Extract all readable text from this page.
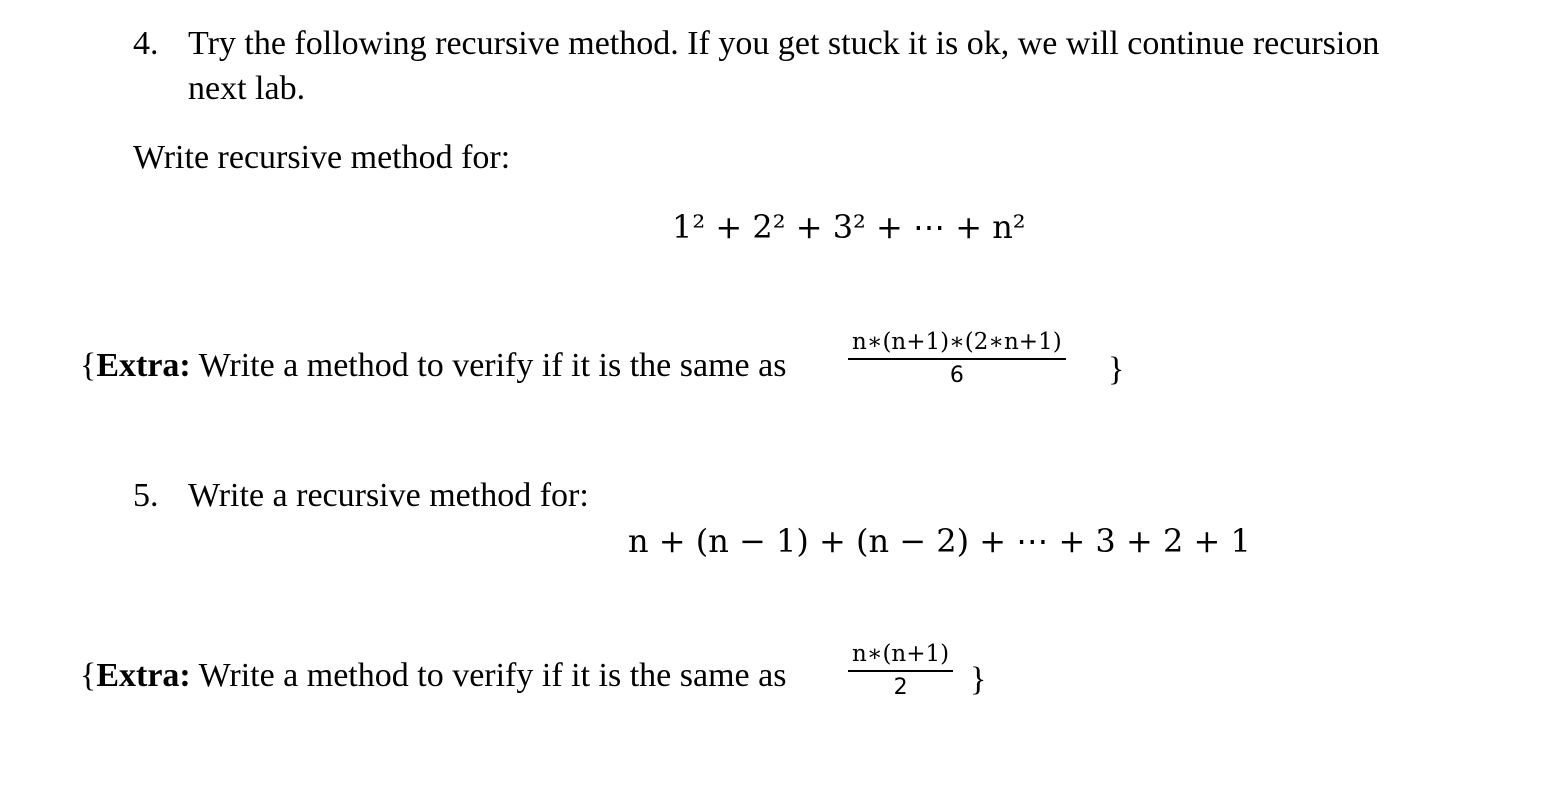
4. Try the following recursive method. If you get stuck it is ok, we will continue recursion
next lab.
Write recursive method for:
1² + 2² + 3² + ⋯ + n²
{Extra: Write a method to verify if it is the same as
n∗(n+1)∗(2∗n+1)
6	}
5. Write a recursive method for:
n + (n − 1) + (n − 2) + ⋯ + 3 + 2 + 1
{Extra: Write a method to verify if it is the same as
n∗(n+1)
2 }
